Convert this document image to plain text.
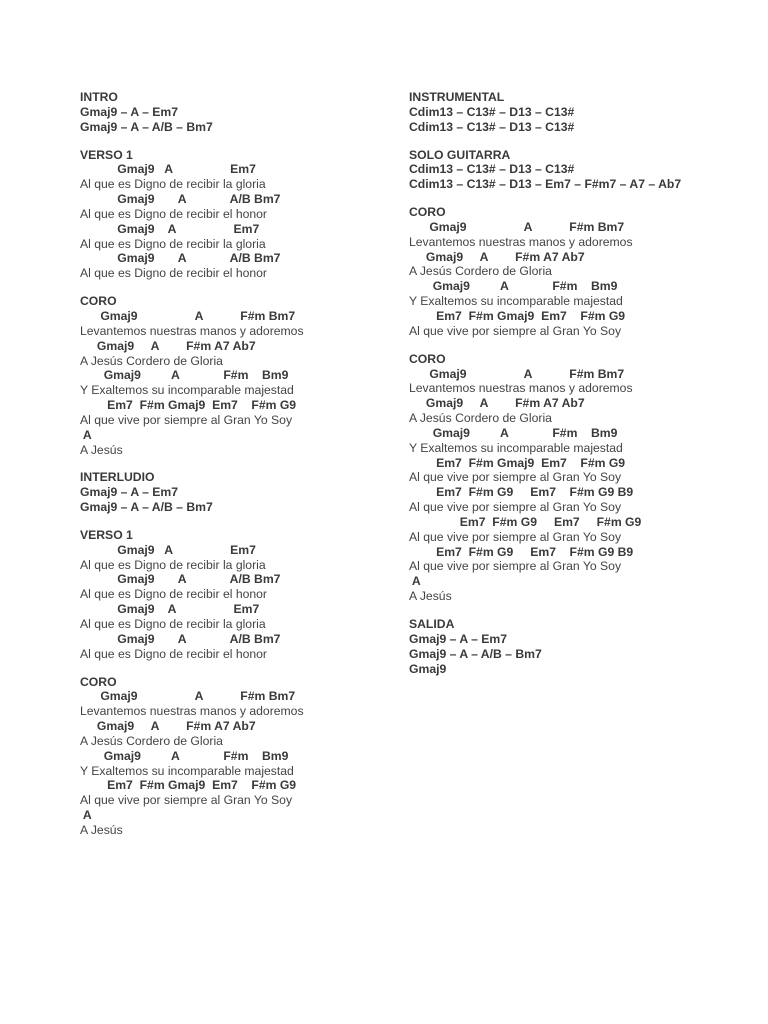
INTRO
Gmaj9 – A – Em7
Gmaj9 – A – A/B – Bm7
VERSO 1
Gmaj9   A                 Em7
Al que es Digno de recibir la gloria
Gmaj9       A             A/B Bm7
Al que es Digno de recibir el honor
Gmaj9    A                 Em7
Al que es Digno de recibir la gloria
Gmaj9       A             A/B Bm7
Al que es Digno de recibir el honor
CORO
Gmaj9                 A           F#m Bm7
Levantemos nuestras manos y adoremos
Gmaj9     A        F#m A7 Ab7
A Jesús Cordero de Gloria
Gmaj9         A             F#m    Bm9
Y Exaltemos su incomparable majestad
Em7  F#m Gmaj9  Em7    F#m G9
Al que vive por siempre al Gran Yo Soy
A
A Jesús
INTERLUDIO
Gmaj9 – A – Em7
Gmaj9 – A – A/B – Bm7
VERSO 1
Gmaj9   A                 Em7
Al que es Digno de recibir la gloria
Gmaj9       A             A/B Bm7
Al que es Digno de recibir el honor
Gmaj9    A                 Em7
Al que es Digno de recibir la gloria
Gmaj9       A             A/B Bm7
Al que es Digno de recibir el honor
CORO
Gmaj9                 A           F#m Bm7
Levantemos nuestras manos y adoremos
Gmaj9     A        F#m A7 Ab7
A Jesús Cordero de Gloria
Gmaj9         A             F#m    Bm9
Y Exaltemos su incomparable majestad
Em7  F#m Gmaj9  Em7    F#m G9
Al que vive por siempre al Gran Yo Soy
A
A Jesús
INSTRUMENTAL
Cdim13 – C13# – D13 – C13#
Cdim13 – C13# – D13 – C13#
SOLO GUITARRA
Cdim13 – C13# – D13 – C13#
Cdim13 – C13# – D13 – Em7 – F#m7 – A7 – Ab7
CORO
Gmaj9                 A           F#m Bm7
Levantemos nuestras manos y adoremos
Gmaj9     A        F#m A7 Ab7
A Jesús Cordero de Gloria
Gmaj9         A             F#m    Bm9
Y Exaltemos su incomparable majestad
Em7  F#m Gmaj9  Em7    F#m G9
Al que vive por siempre al Gran Yo Soy
CORO
Gmaj9                 A           F#m Bm7
Levantemos nuestras manos y adoremos
Gmaj9     A        F#m A7 Ab7
A Jesús Cordero de Gloria
Gmaj9         A             F#m    Bm9
Y Exaltemos su incomparable majestad
Em7  F#m Gmaj9  Em7    F#m G9
Al que vive por siempre al Gran Yo Soy
Em7  F#m G9     Em7    F#m G9 B9
Al que vive por siempre al Gran Yo Soy
Em7  F#m G9     Em7     F#m G9
Al que vive por siempre al Gran Yo Soy
Em7  F#m G9     Em7    F#m G9 B9
Al que vive por siempre al Gran Yo Soy
A
A Jesús
SALIDA
Gmaj9 – A – Em7
Gmaj9 – A – A/B – Bm7
Gmaj9
